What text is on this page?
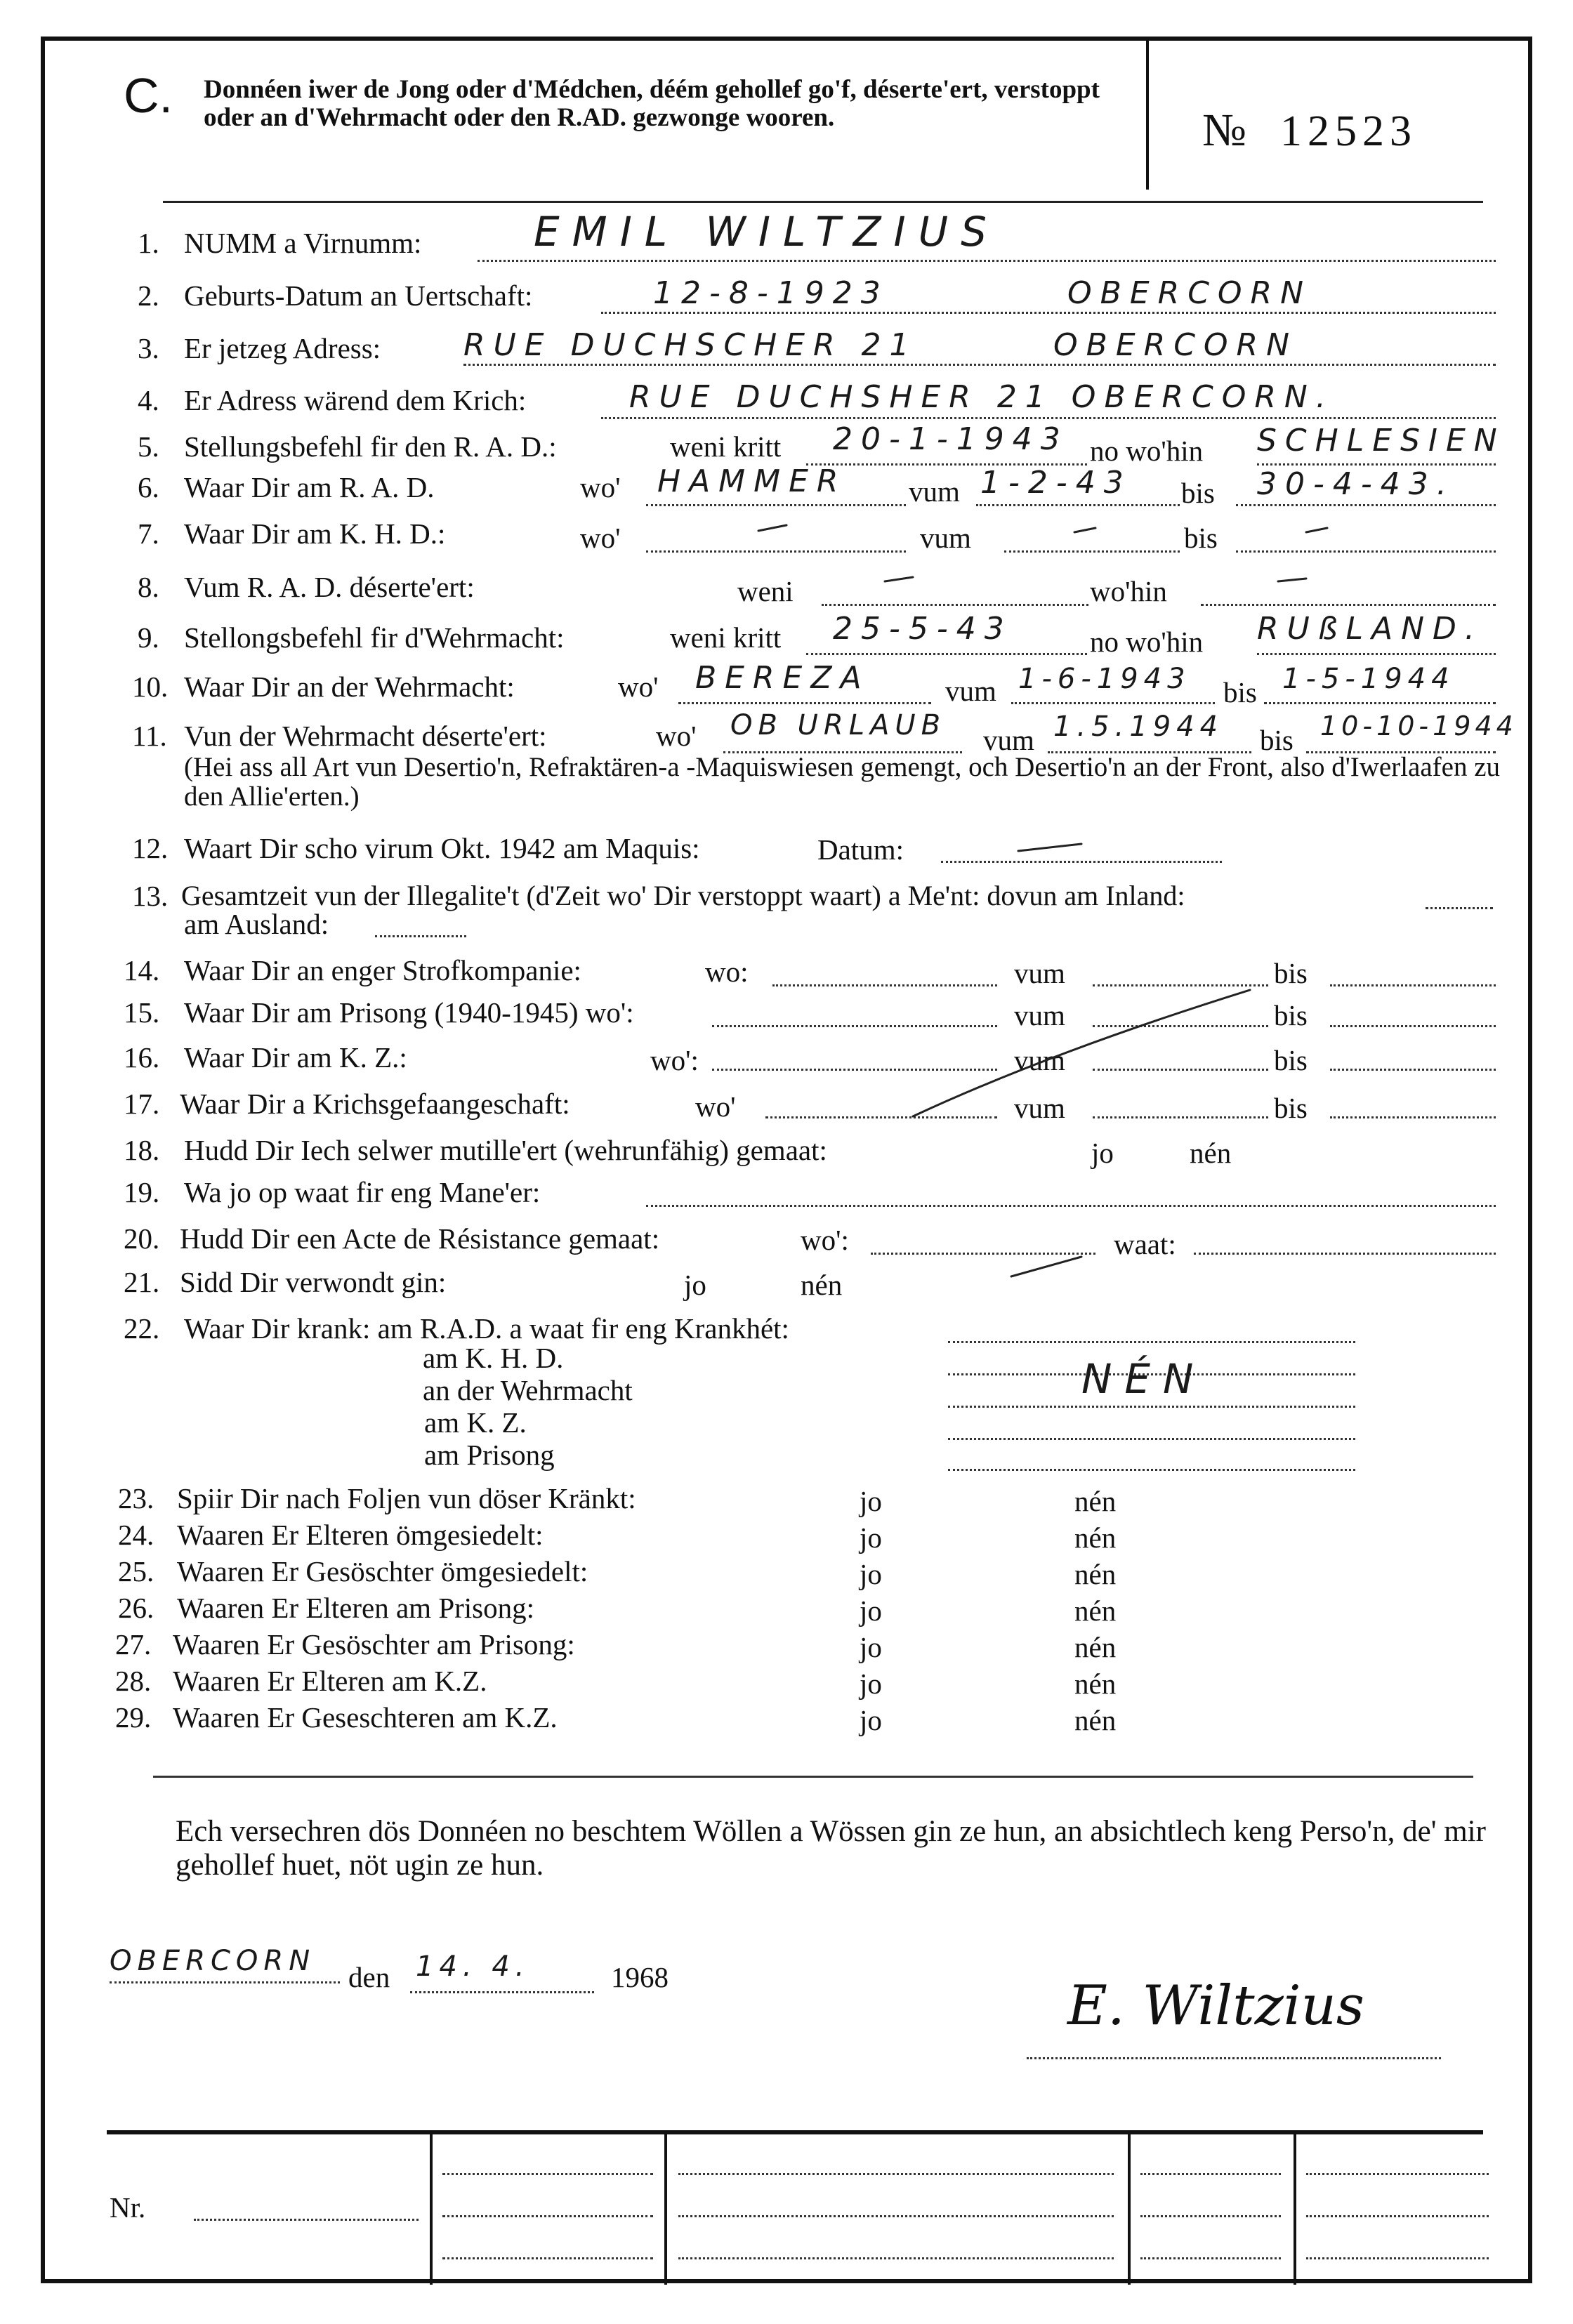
C. Donnéen iwer de Jong oder d'Médchen, déém gehollef go'f, déserte'ert, verstoppt oder an d'Wehrmacht oder den R.AD. gezwonge wooren.	№ 12523
1. NUMM a Virnumm:	EMIL WILTZIUS
2. Geburts-Datum an Uertschaft:	12-8-1923	OBERCORN
3. Er jetzeg Adress:	RUE DUCHSCHER 21	OBERCORN
4. Er Adress wärend dem Krich:	RUE DUCHSHER 21 OBERCORN.
5. Stellungsbefehl fir den R. A. D.:	weni kritt 20-1-1943 no wo'hin SCHLESIEN
6. Waar Dir am R. A. D.	wo' HAMMER vum 1-2-43 bis 30-4-43.
7. Waar Dir am K. H. D.:	wo'	vum	bis
8. Vum R. A. D. déserte'ert:	weni	wo'hin
9. Stellongsbefehl fir d'Wehrmacht:	weni kritt 25-5-43	no wo'hin RUßLAND.
10. Waar Dir an der Wehrmacht:	wo' BEREZA	vum 1-6-1943 bis 1-5-1944
11. Vun der Wehrmacht déserte'ert:	wo' OB URLAUB vum 1.5.1944 bis 10-10-1944
(Hei ass all Art vun Desertio'n, Refraktären-a -Maquiswiesen gemengt, och Desertio'n an der Front, also d'Iwerlaafen zu den Allie'erten.)
12. Waart Dir scho virum Okt. 1942 am Maquis:	Datum:
13. Gesamtzeit vun der Illegalite't (d'Zeit wo' Dir verstoppt waart) a Me'nt: dovun am Inland:
am Ausland:
14. Waar Dir an enger Strofkompanie:	wo:	vum	bis
15. Waar Dir am Prisong (1940-1945) wo':	vum	bis
16. Waar Dir am K. Z.:	wo':	vum	bis
17. Waar Dir a Krichsgefaangeschaft:	wo'	vum	bis
18. Hudd Dir Iech selwer mutille'ert (wehrunfähig) gemaat:	jo	nén
19. Wa jo op waat fir eng Mane'er:
20. Hudd Dir een Acte de Résistance gemaat:	wo':	waat:
21. Sidd Dir verwondt gin:	jo	nén
22. Waar Dir krank: am R.A.D. a waat fir eng Krankhét:
am K. H. D.
an der Wehrmacht	NÉN
am K. Z.
am Prisong
23. Spiir Dir nach Foljen vun döser Kränkt:	jo	nén
24. Waaren Er Elteren ömgesiedelt:	jo	nén
25. Waaren Er Gesöschter ömgesiedelt:	jo	nén
26. Waaren Er Elteren am Prisong:	jo	nén
27. Waaren Er Gesöschter am Prisong:	jo	nén
28. Waaren Er Elteren am K.Z.	jo	nén
29. Waaren Er Geseschteren am K.Z.	jo	nén
Ech versechren dös Donnéen no beschtem Wöllen a Wössen gin ze hun, an absichtlech keng Perso'n, de' mir gehollef huet, nöt ugin ze hun.
OBERCORN den 14. 4.	1968	E. Wiltzius
Nr.
